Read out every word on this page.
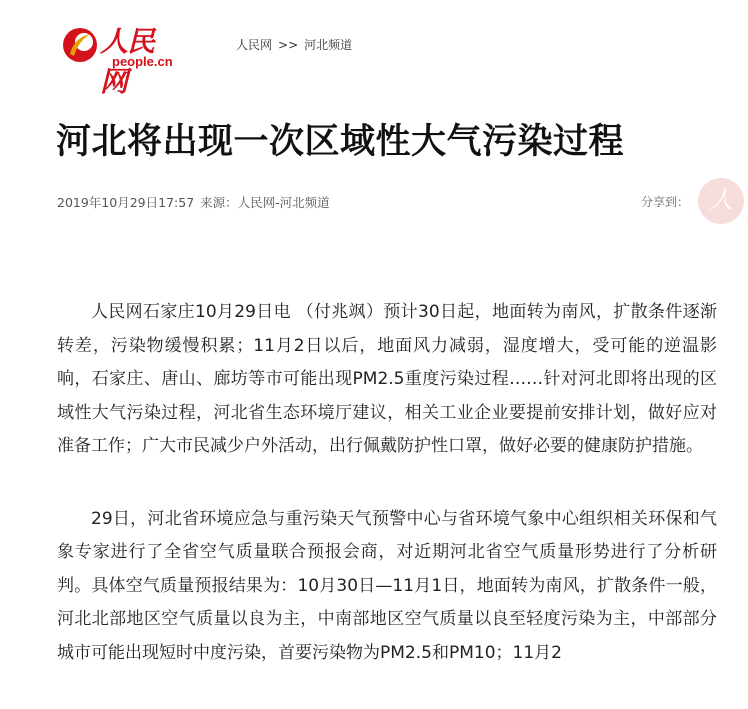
人民网
people.cn
人民网 >> 河北频道
河北将出现一次区域性大气污染过程
2019年10月29日17:57 来源：人民网-河北频道	分享到： 人

人民网石家庄10月29日电 （付兆飒）预计30日起，地面转为南风，扩散条件逐渐转差，污染物缓慢积累；11月2日以后，地面风力减弱，湿度增大，受可能的逆温影响，石家庄、唐山、廊坊等市可能出现PM2.5重度污染过程……针对河北即将出现的区域性大气污染过程，河北省生态环境厅建议，相关工业企业要提前安排计划，做好应对准备工作；广大市民减少户外活动，出行佩戴防护性口罩，做好必要的健康防护措施。

29日，河北省环境应急与重污染天气预警中心与省环境气象中心组织相关环保和气象专家进行了全省空气质量联合预报会商，对近期河北省空气质量形势进行了分析研判。具体空气质量预报结果为：10月30日—11月1日，地面转为南风，扩散条件一般，河北北部地区空气质量以良为主，中南部地区空气质量以良至轻度污染为主，中部部分城市可能出现短时中度污染，首要污染物为PM2.5和PM10；11月2
